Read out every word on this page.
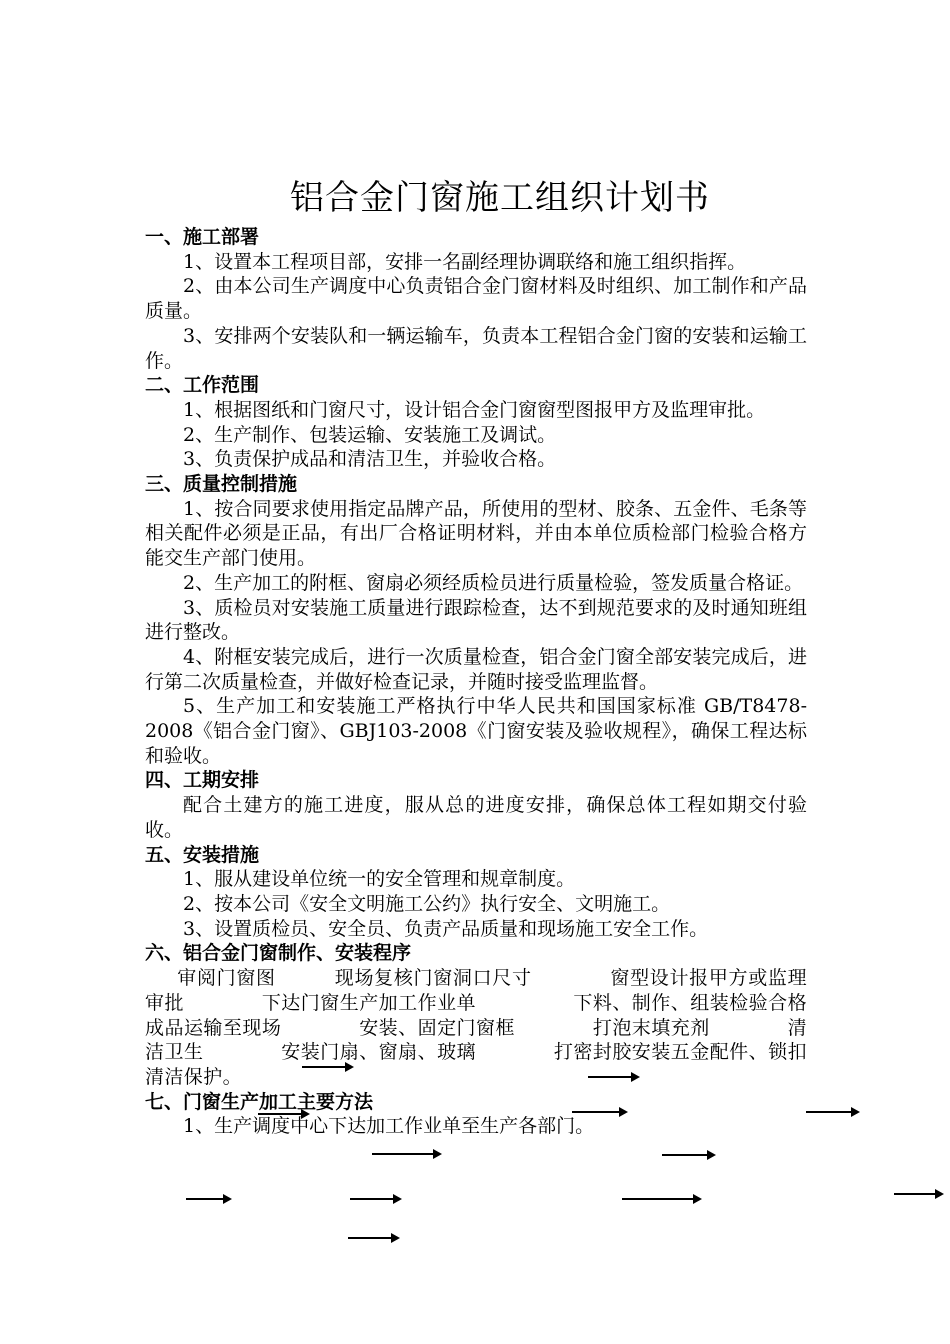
铝合金门窗施工组织计划书

一、施工部署

1、设置本工程项目部，安排一名副经理协调联络和施工组织指挥。

2、由本公司生产调度中心负责铝合金门窗材料及时组织、加工制作和产品质量。

3、安排两个安装队和一辆运输车，负责本工程铝合金门窗的安装和运输工作。

二、工作范围

1、根据图纸和门窗尺寸，设计铝合金门窗窗型图报甲方及监理审批。

2、生产制作、包装运输、安装施工及调试。

3、负责保护成品和清洁卫生，并验收合格。

三、质量控制措施

1、按合同要求使用指定品牌产品，所使用的型材、胶条、五金件、毛条等相关配件必须是正品，有出厂合格证明材料，并由本单位质检部门检验合格方能交生产部门使用。

2、生产加工的附框、窗扇必须经质检员进行质量检验，签发质量合格证。

3、质检员对安装施工质量进行跟踪检查，达不到规范要求的及时通知班组进行整改。

4、附框安装完成后，进行一次质量检查，铝合金门窗全部安装完成后，进行第二次质量检查，并做好检查记录，并随时接受监理监督。

5、生产加工和安装施工严格执行中华人民共和国国家标准 GB/T8478-2008《铝合金门窗》、GBJ103-2008《门窗安装及验收规程》，确保工程达标和验收。

四、工期安排

配合土建方的施工进度，服从总的进度安排，确保总体工程如期交付验收。

五、安装措施

1、服从建设单位统一的安全管理和规章制度。

2、按本公司《安全文明施工公约》执行安全、文明施工。

3、设置质检员、安全员、负责产品质量和现场施工安全工作。

六、铝合金门窗制作、安装程序

审阅门窗图　　　现场复核门窗洞口尺寸　　　　窗型设计报甲方或监理审批　　　　下达门窗生产加工作业单　　　　　下料、制作、组装检验合格成品运输至现场　　　　安装、固定门窗框　　　　打泡末填充剂　　　　清洁卫生　　　　安装门扇、窗扇、玻璃　　　　打密封胶安装五金配件、锁扣　　　清洁保护。

七、门窗生产加工主要方法

1、生产调度中心下达加工作业单至生产各部门。
